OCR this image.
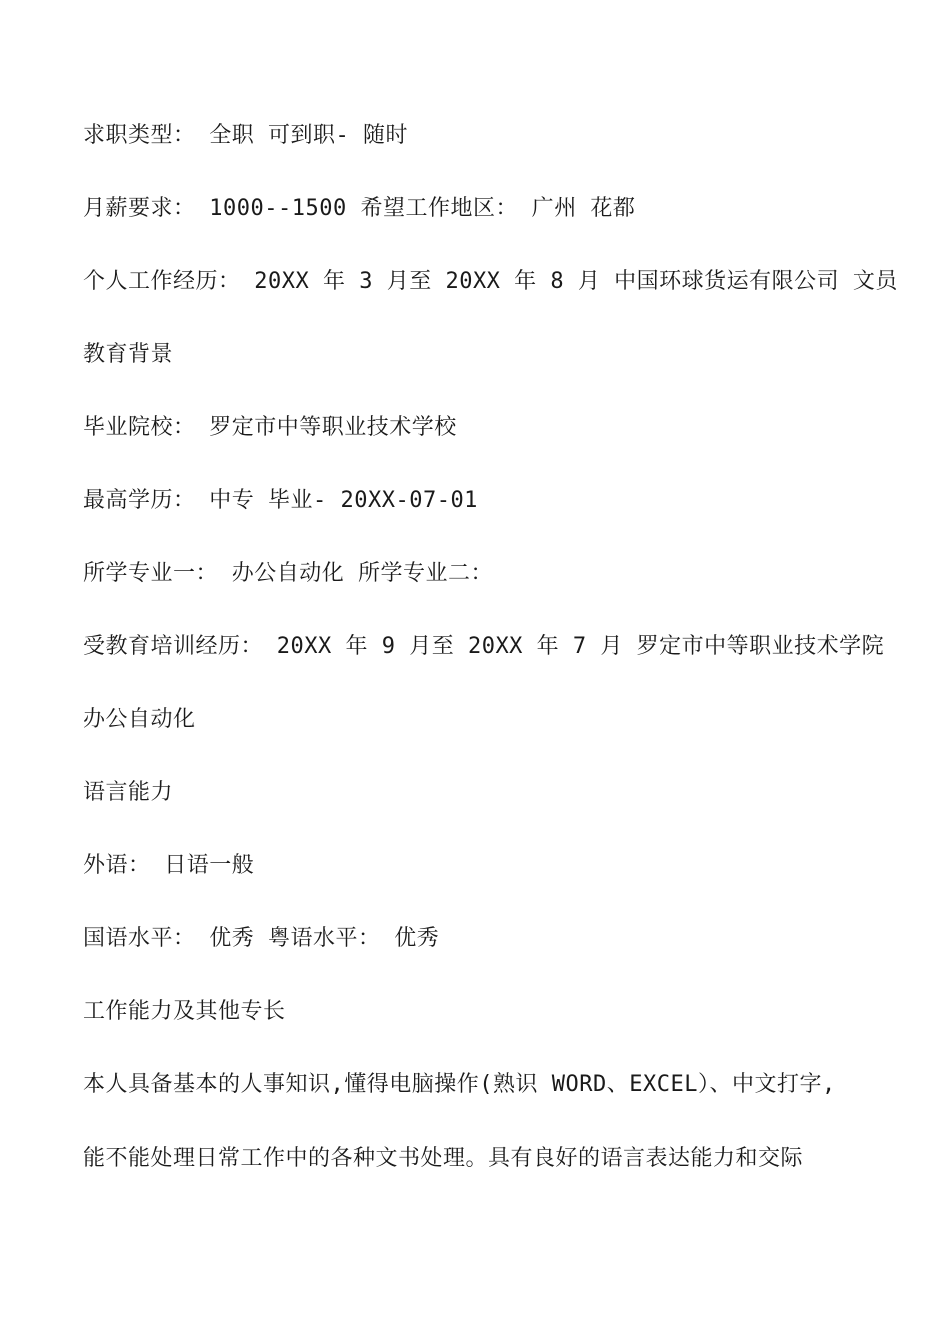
求职类型： 全职 可到职- 随时
月薪要求： 1000--1500 希望工作地区： 广州 花都
个人工作经历： 20XX 年 3 月至 20XX 年 8 月 中国环球货运有限公司 文员
教育背景
毕业院校： 罗定市中等职业技术学校
最高学历： 中专 毕业- 20XX-07-01
所学专业一： 办公自动化 所学专业二：
受教育培训经历： 20XX 年 9 月至 20XX 年 7 月 罗定市中等职业技术学院
办公自动化
语言能力
外语： 日语一般
国语水平： 优秀 粤语水平： 优秀
工作能力及其他专长
本人具备基本的人事知识,懂得电脑操作(熟识 WORD、EXCEL）、中文打字,
能不能处理日常工作中的各种文书处理。具有良好的语言表达能力和交际
